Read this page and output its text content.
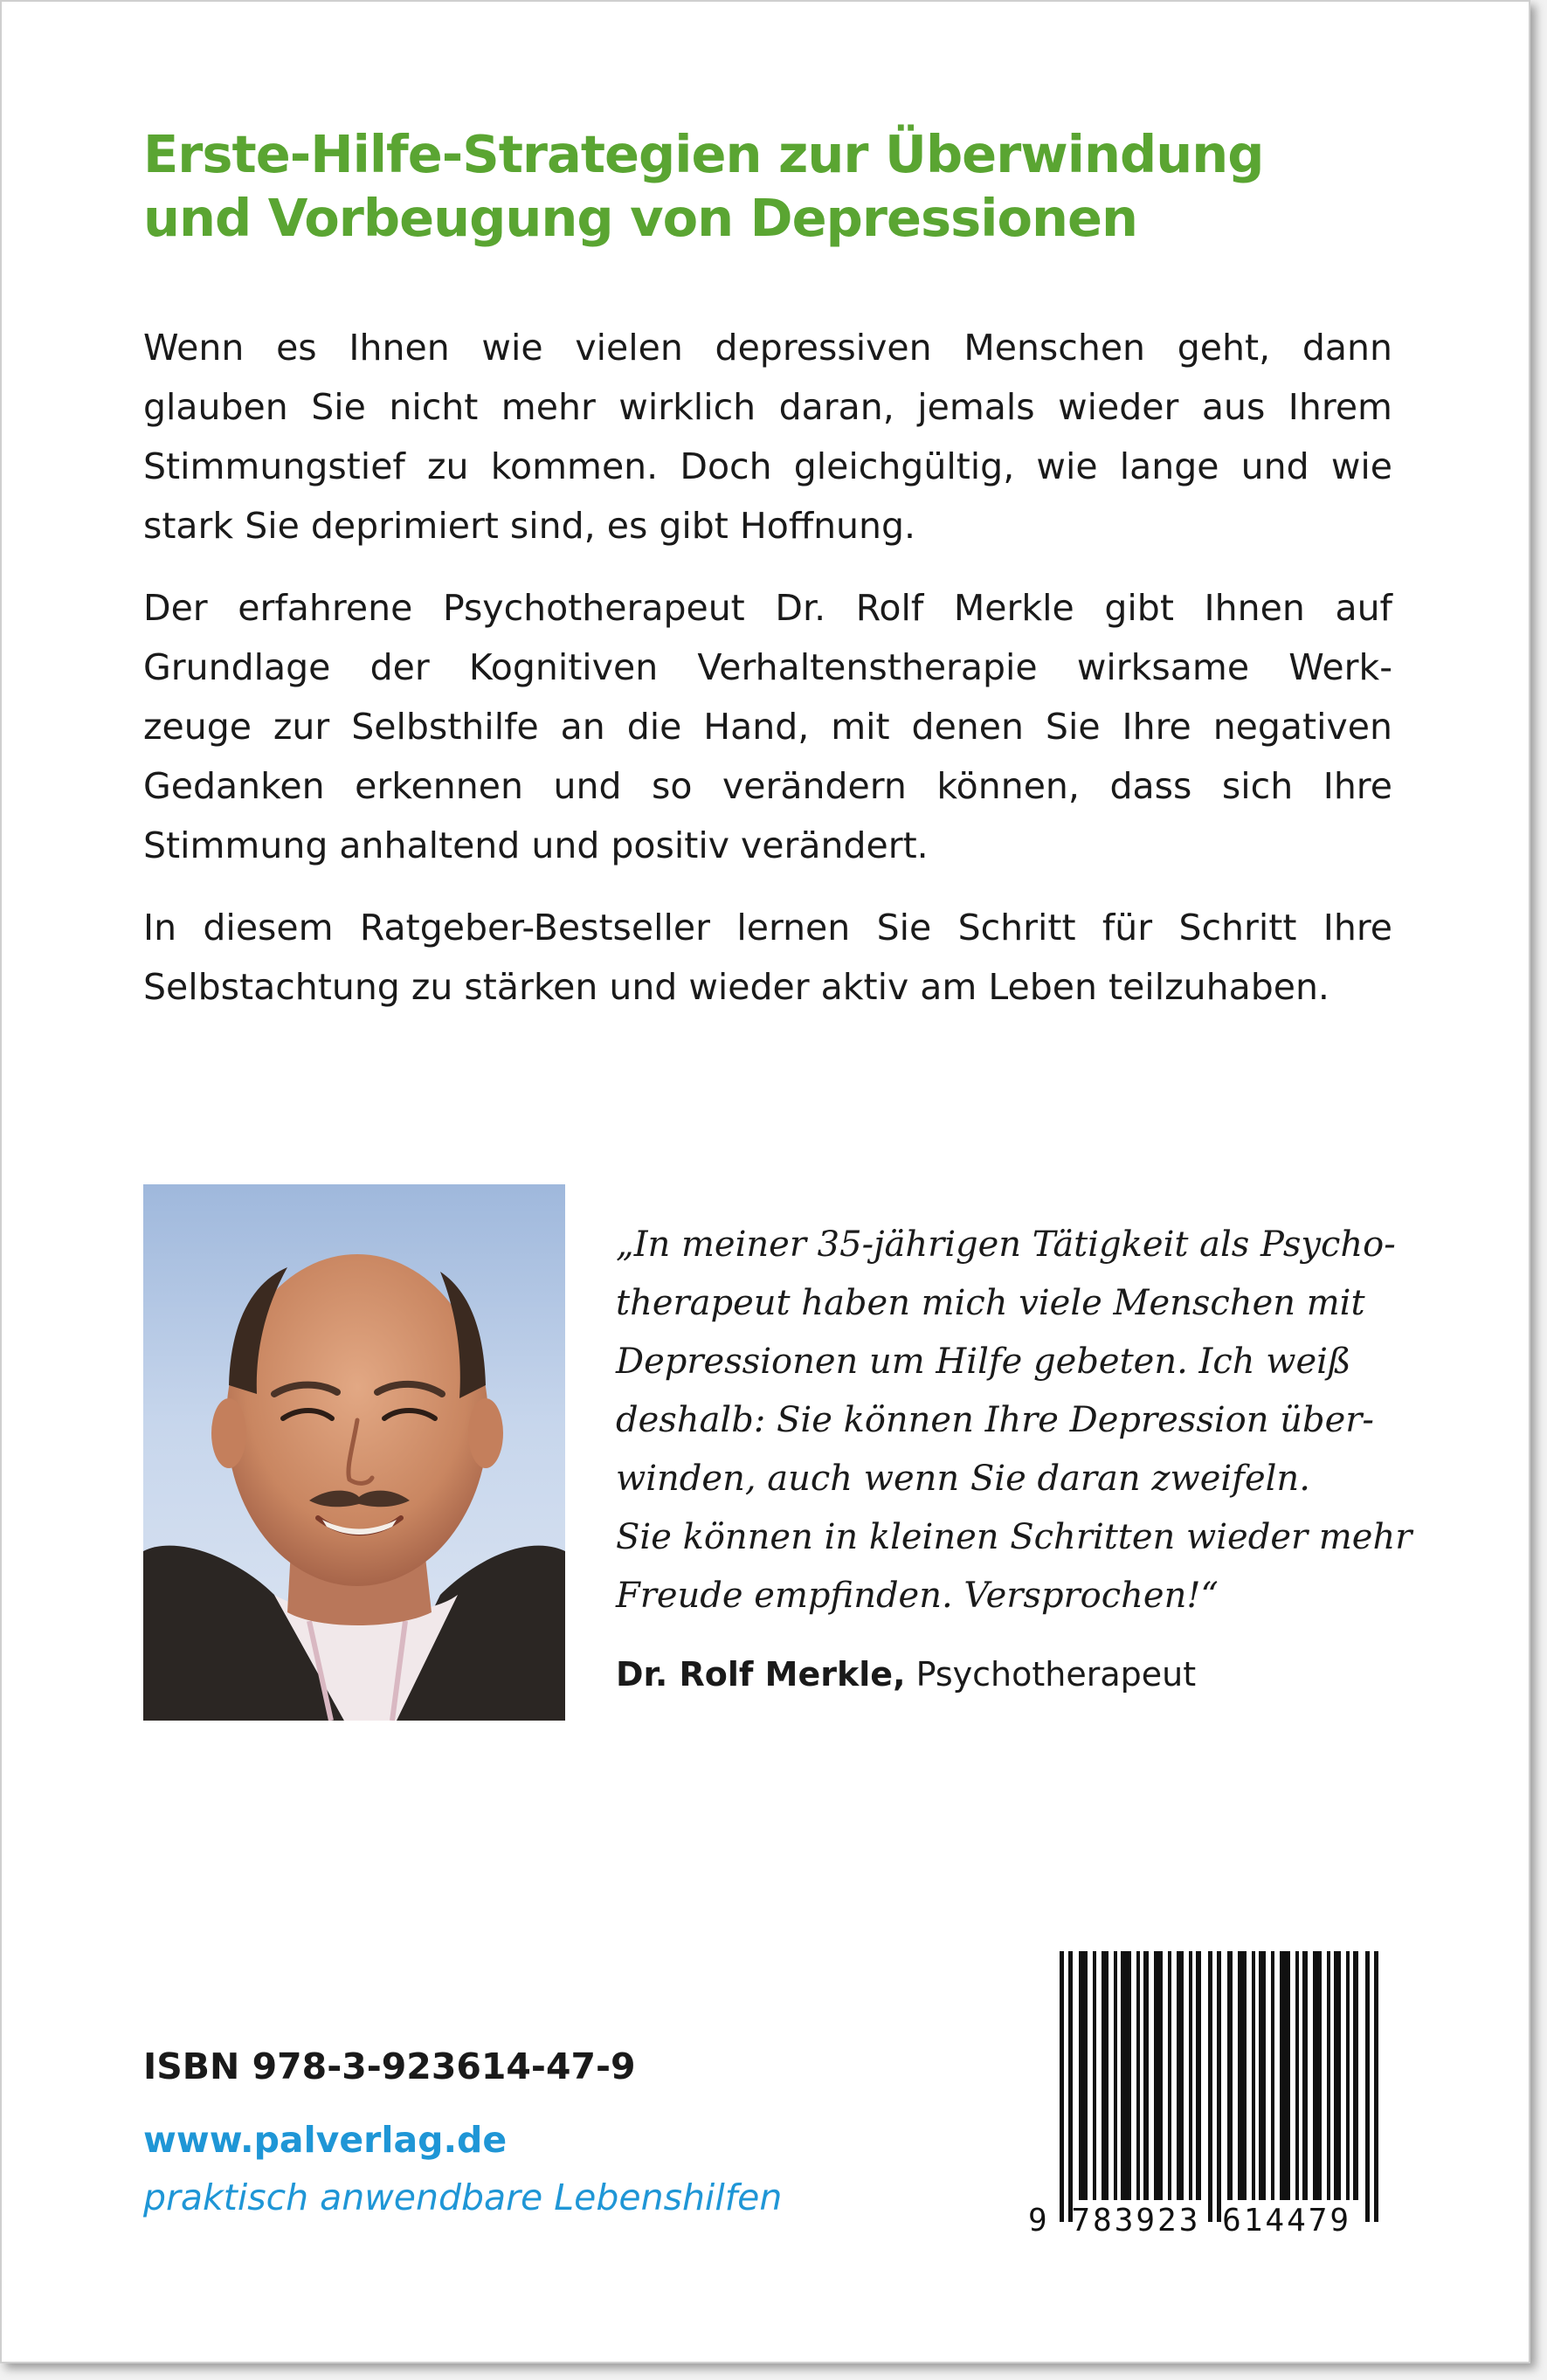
Erste-Hilfe-Strategien zur Überwindung
und Vorbeugung von Depressionen

Wenn es Ihnen wie vielen depressiven Menschen geht, dann
glauben Sie nicht mehr wirklich daran, jemals wieder aus Ihrem
Stimmungstief zu kommen. Doch gleichgültig, wie lange und wie
stark Sie deprimiert sind, es gibt Hoffnung.

Der erfahrene Psychotherapeut Dr. Rolf Merkle gibt Ihnen auf
Grundlage der Kognitiven Verhaltenstherapie wirksame Werk-
zeuge zur Selbsthilfe an die Hand, mit denen Sie Ihre negativen
Gedanken erkennen und so verändern können, dass sich Ihre
Stimmung anhaltend und positiv verändert.

In diesem Ratgeber-Bestseller lernen Sie Schritt für Schritt Ihre
Selbstachtung zu stärken und wieder aktiv am Leben teilzuhaben.

„In meiner 35-jährigen Tätigkeit als Psycho-
therapeut haben mich viele Menschen mit
Depressionen um Hilfe gebeten. Ich weiß
deshalb: Sie können Ihre Depression über-
winden, auch wenn Sie daran zweifeln.
Sie können in kleinen Schritten wieder mehr
Freude empfinden. Versprochen!“
Dr. Rolf Merkle, Psychotherapeut
ISBN 978-3-923614-47-9
www.palverlag.de
praktisch anwendbare Lebenshilfen
9 783923 614479
